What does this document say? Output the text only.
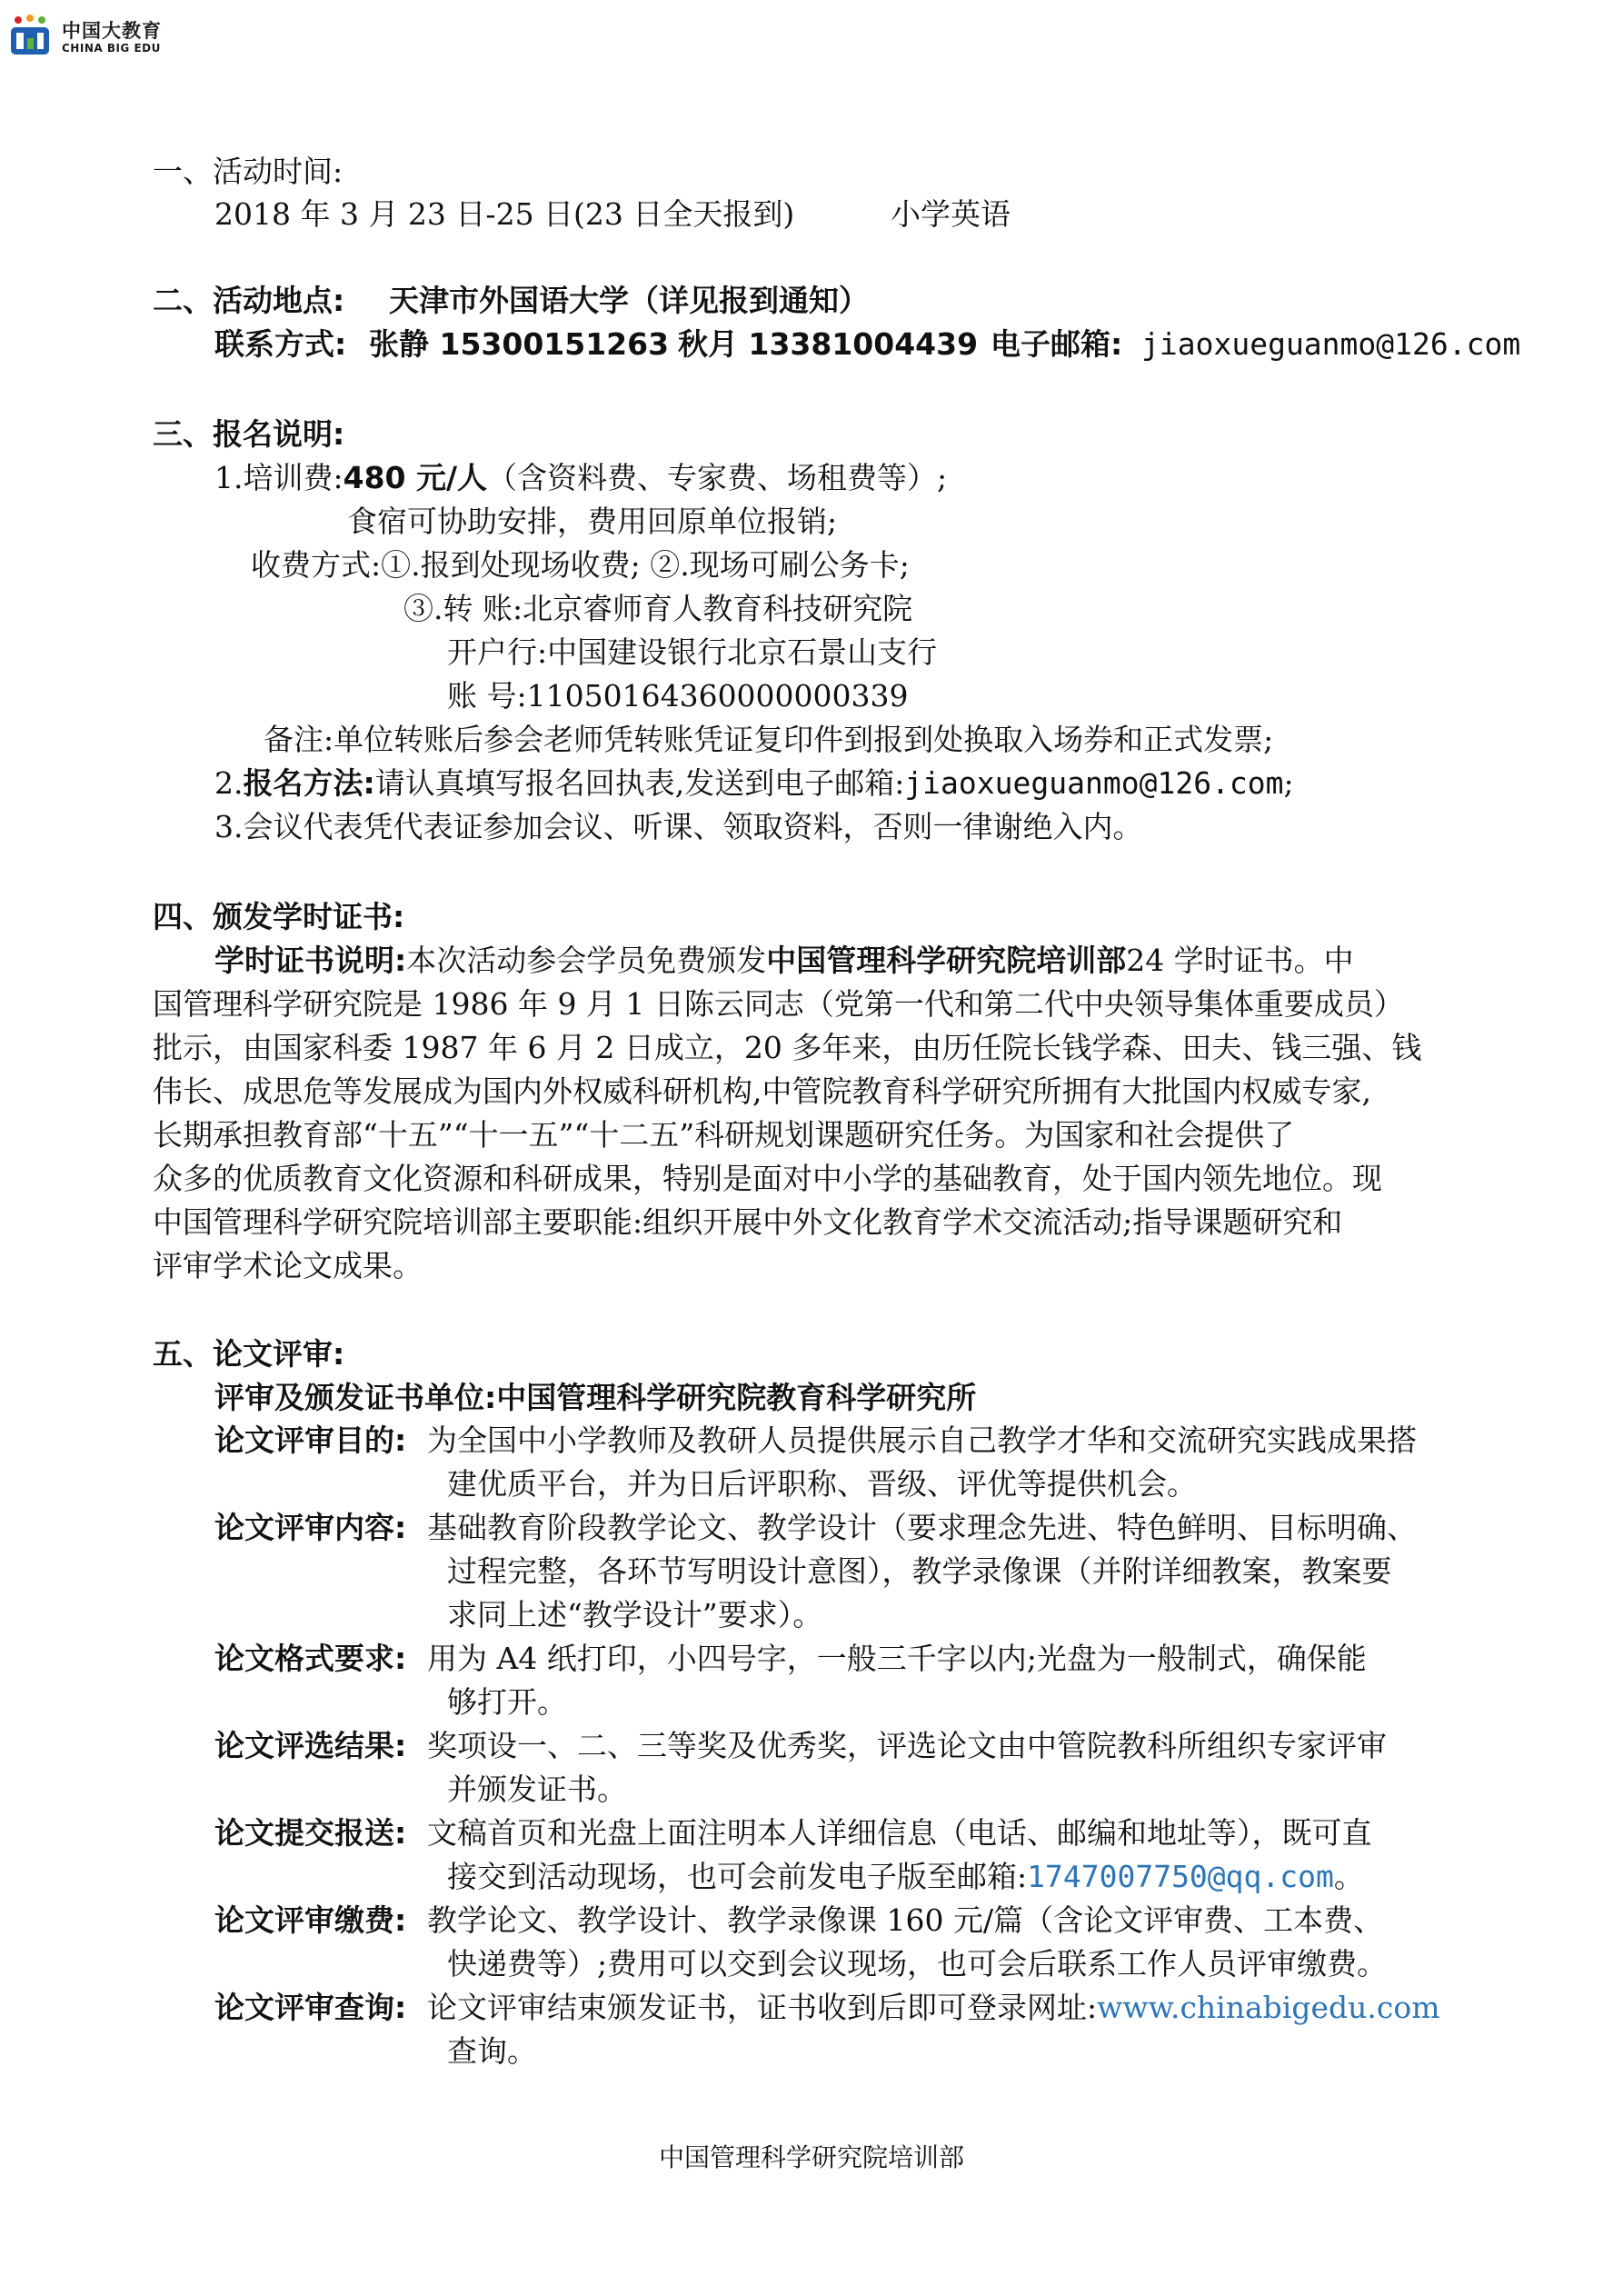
中国大教育
CHINA BIG EDU
一、活动时间:
2018 年 3 月 23 日-25 日(23 日全天报到)	小学英语
二、活动地点: 天津市外国语大学（详见报到通知）
联系方式: 张静 15300151263 秋月 13381004439 电子邮箱: jiaoxueguanmo@126.com
三、报名说明:
1.培训费:480 元/人（含资料费、专家费、场租费等）;
食宿可协助安排，费用回原单位报销;
收费方式:①.报到处现场收费; ②.现场可刷公务卡;
③.转 账:北京睿师育人教育科技研究院
开户行:中国建设银行北京石景山支行
账 号:11050164360000000339
备注:单位转账后参会老师凭转账凭证复印件到报到处换取入场券和正式发票;
2.报名方法:请认真填写报名回执表,发送到电子邮箱:jiaoxueguanmo@126.com;
3.会议代表凭代表证参加会议、听课、领取资料，否则一律谢绝入内。
四、颁发学时证书:
学时证书说明:本次活动参会学员免费颁发中国管理科学研究院培训部24 学时证书。中
国管理科学研究院是 1986 年 9 月 1 日陈云同志（党第一代和第二代中央领导集体重要成员）
批示，由国家科委 1987 年 6 月 2 日成立，20 多年来，由历任院长钱学森、田夫、钱三强、钱
伟长、成思危等发展成为国内外权威科研机构,中管院教育科学研究所拥有大批国内权威专家,
长期承担教育部“十五”“十一五”“十二五”科研规划课题研究任务。为国家和社会提供了
众多的优质教育文化资源和科研成果，特别是面对中小学的基础教育，处于国内领先地位。现
中国管理科学研究院培训部主要职能:组织开展中外文化教育学术交流活动;指导课题研究和
评审学术论文成果。
五、论文评审:
评审及颁发证书单位:中国管理科学研究院教育科学研究所
论文评审目的: 为全国中小学教师及教研人员提供展示自己教学才华和交流研究实践成果搭
建优质平台，并为日后评职称、晋级、评优等提供机会。
论文评审内容: 基础教育阶段教学论文、教学设计（要求理念先进、特色鲜明、目标明确、
过程完整，各环节写明设计意图），教学录像课（并附详细教案，教案要
求同上述“教学设计”要求）。
论文格式要求: 用为 A4 纸打印，小四号字，一般三千字以内;光盘为一般制式，确保能
够打开。
论文评选结果: 奖项设一、二、三等奖及优秀奖，评选论文由中管院教科所组织专家评审
并颁发证书。
论文提交报送: 文稿首页和光盘上面注明本人详细信息（电话、邮编和地址等），既可直
接交到活动现场，也可会前发电子版至邮箱:1747007750@qq.com。
论文评审缴费: 教学论文、教学设计、教学录像课 160 元/篇（含论文评审费、工本费、
快递费等）;费用可以交到会议现场，也可会后联系工作人员评审缴费。
论文评审查询: 论文评审结束颁发证书，证书收到后即可登录网址:www.chinabigedu.com
查询。
中国管理科学研究院培训部
